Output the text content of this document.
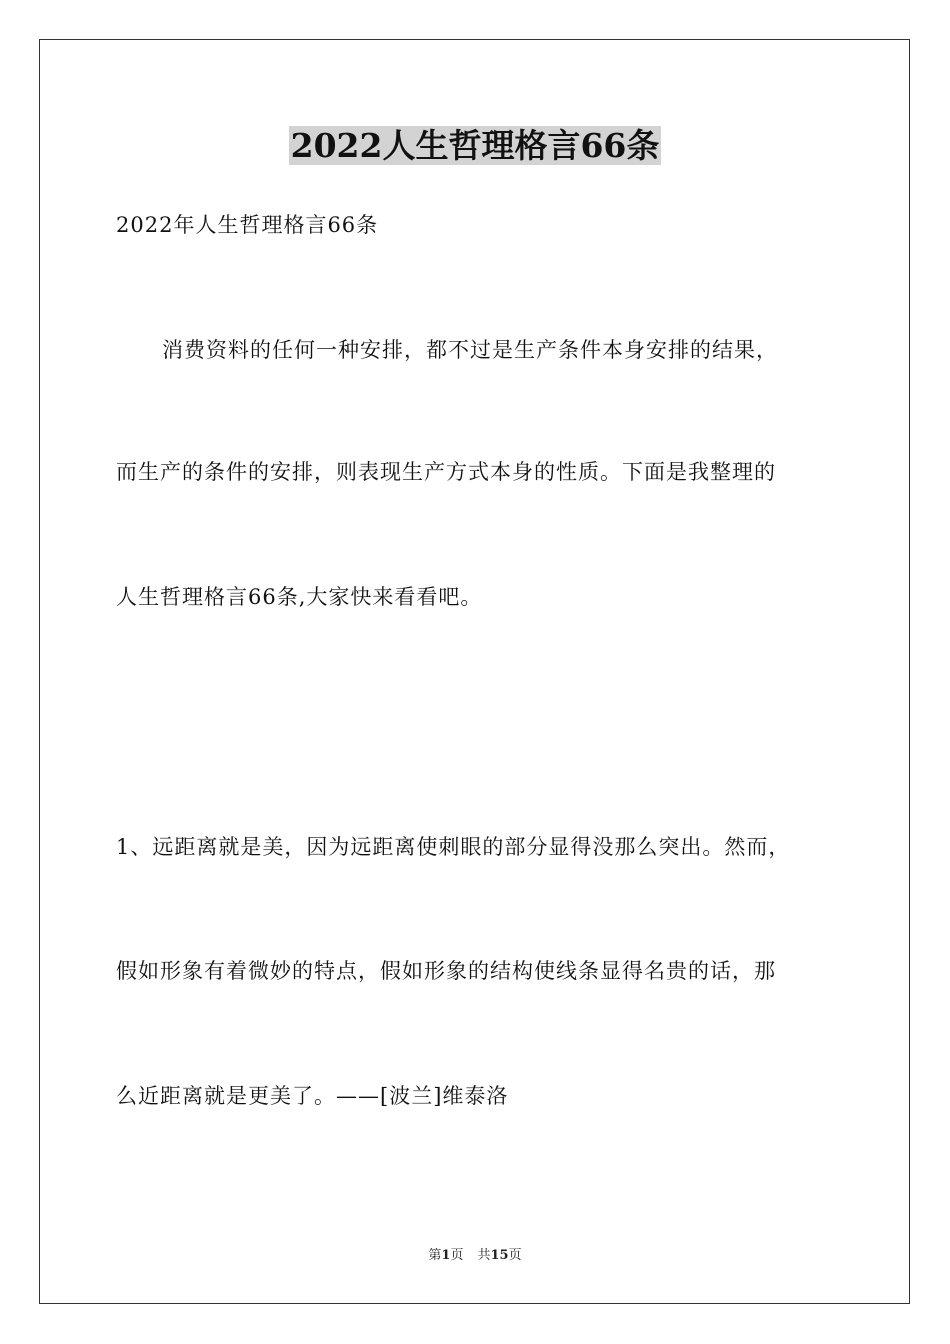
2022人生哲理格言66条
2022年人生哲理格言66条
消费资料的任何一种安排，都不过是生产条件本身安排的结果，
而生产的条件的安排，则表现生产方式本身的性质。下面是我整理的
人生哲理格言66条,大家快来看看吧。
1、远距离就是美，因为远距离使刺眼的部分显得没那么突出。然而，
假如形象有着微妙的特点，假如形象的结构使线条显得名贵的话，那
么近距离就是更美了。——[波兰]维泰洛
第1页 共15页
